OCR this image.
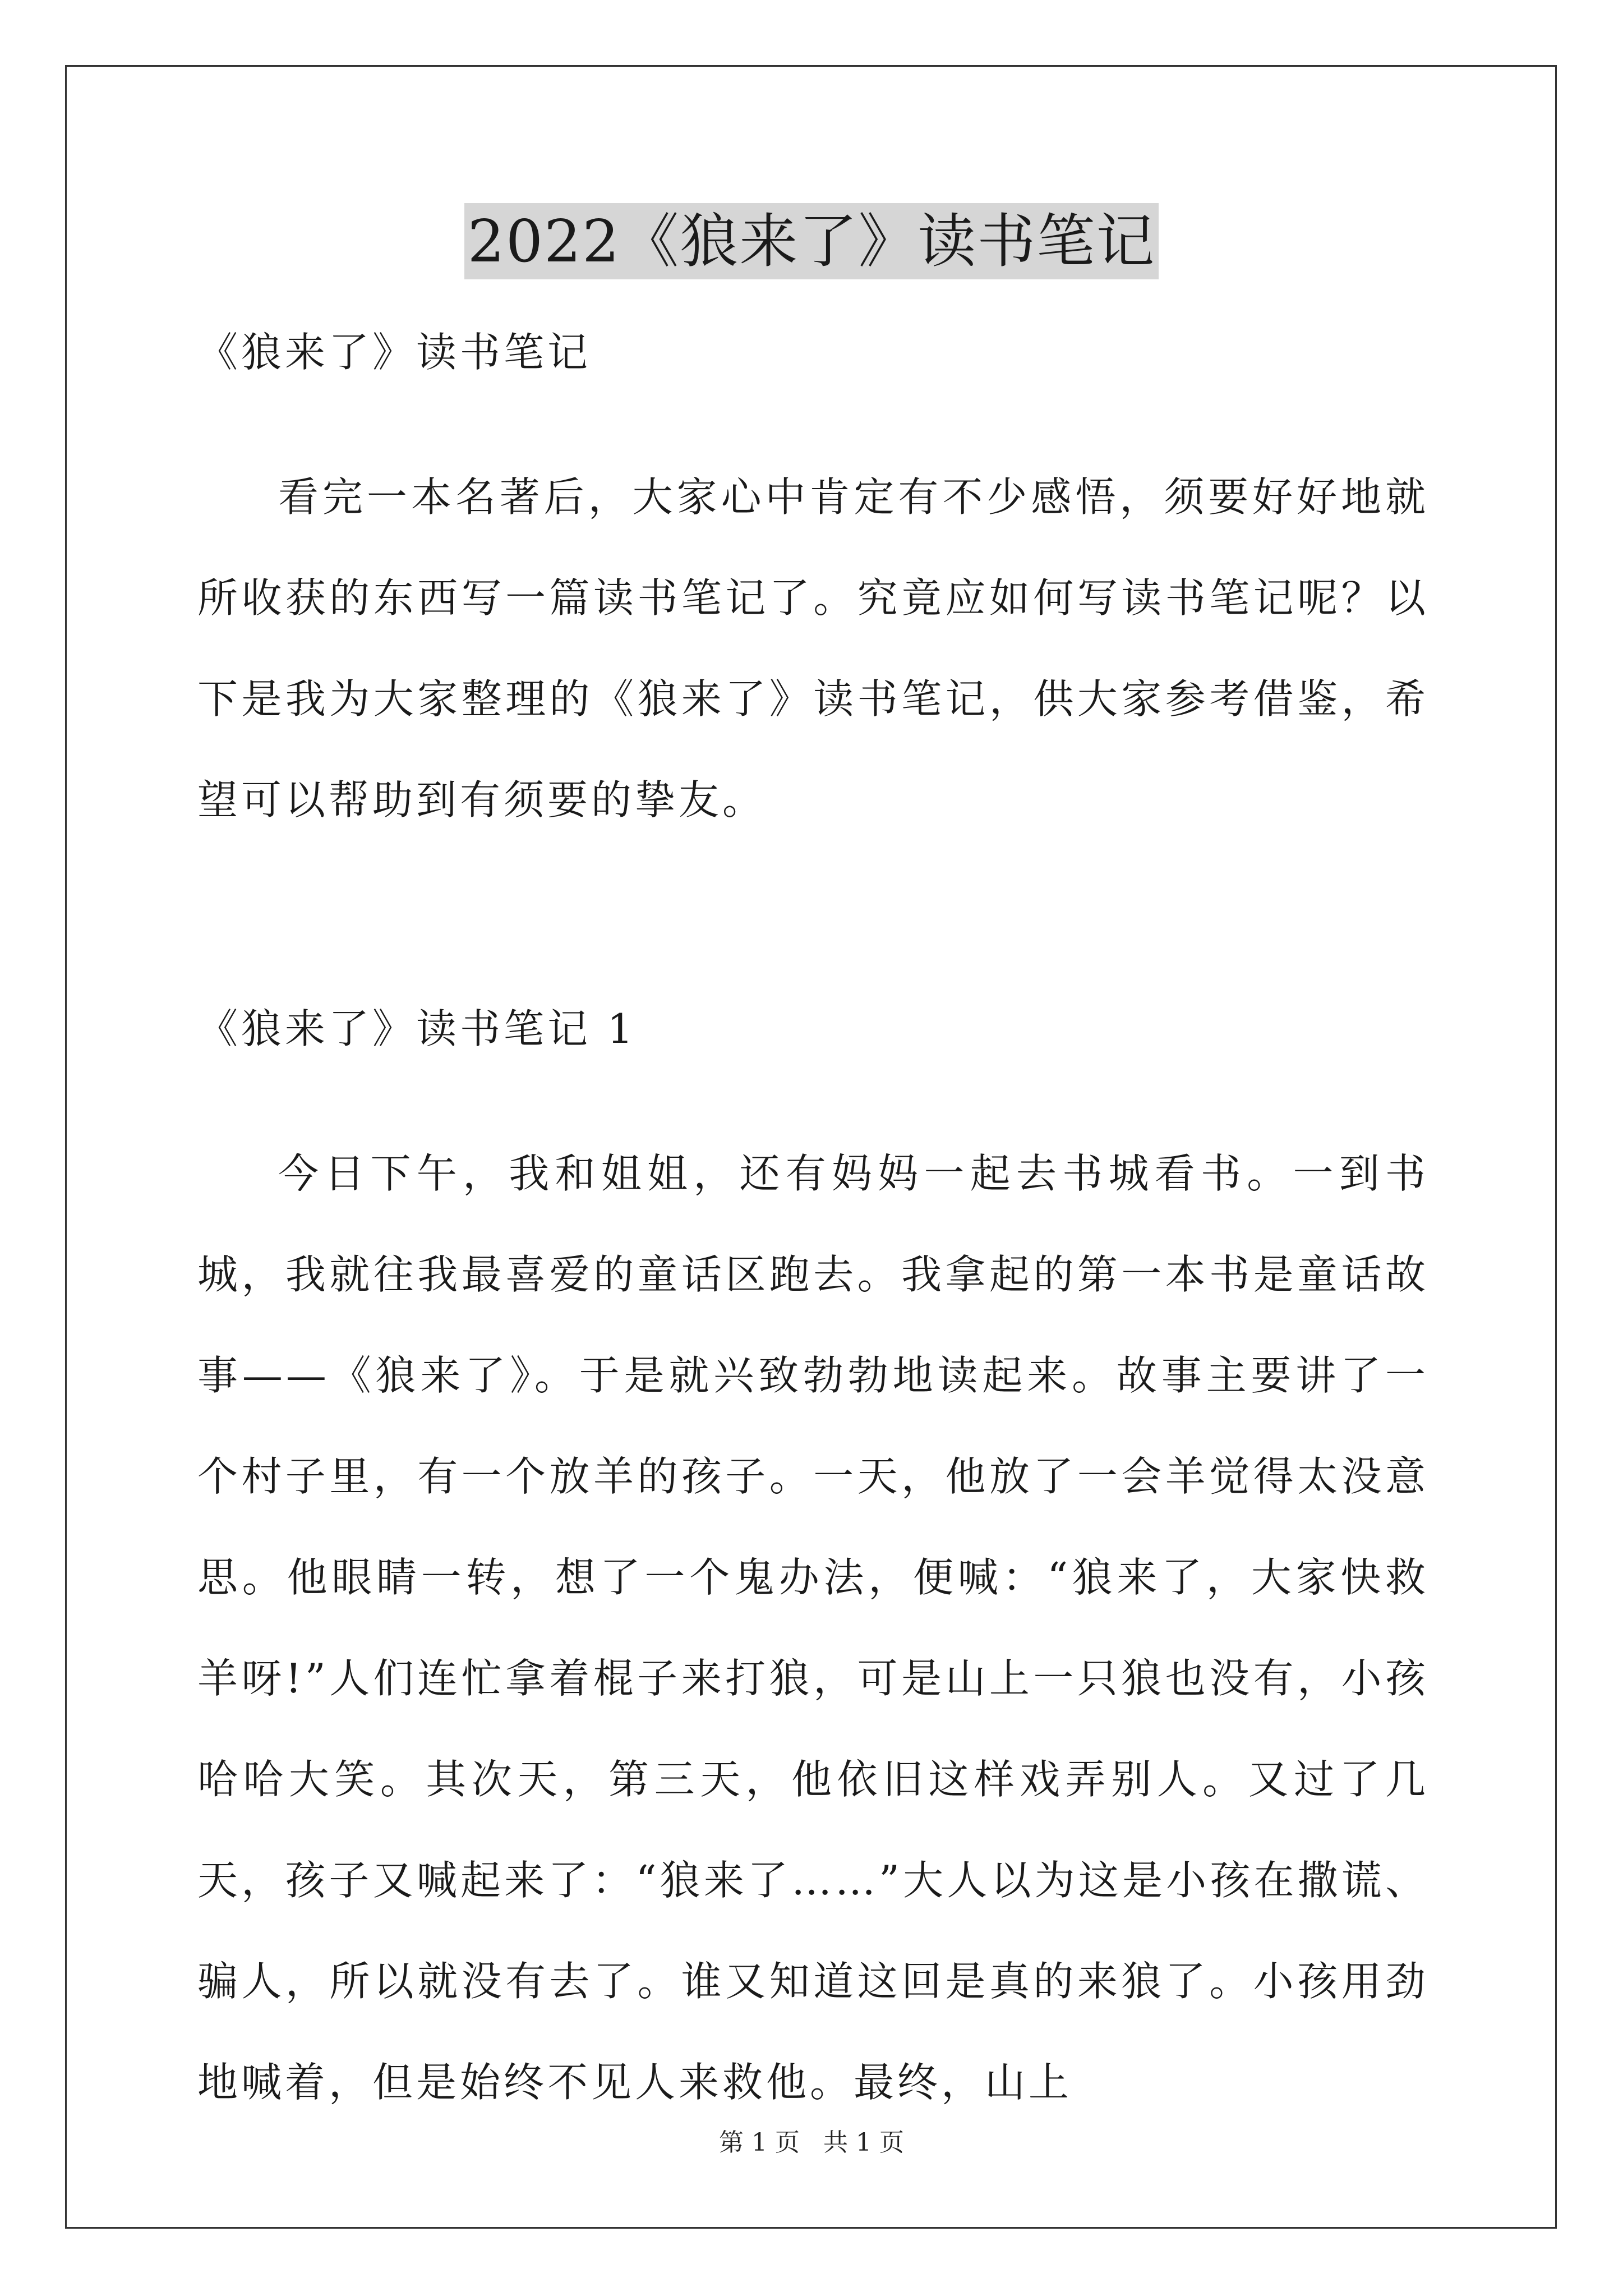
2022《狼来了》读书笔记

《狼来了》读书笔记

看完一本名著后，大家心中肯定有不少感悟，须要好好地就所收获的东西写一篇读书笔记了。究竟应如何写读书笔记呢？以下是我为大家整理的《狼来了》读书笔记，供大家参考借鉴，希望可以帮助到有须要的挚友。

《狼来了》读书笔记 1

今日下午，我和姐姐，还有妈妈一起去书城看书。一到书城，我就往我最喜爱的童话区跑去。我拿起的第一本书是童话故事——《狼来了》。于是就兴致勃勃地读起来。故事主要讲了一个村子里，有一个放羊的孩子。一天，他放了一会羊觉得太没意思。他眼睛一转，想了一个鬼办法，便喊：“狼来了，大家快救羊呀!”人们连忙拿着棍子来打狼，可是山上一只狼也没有，小孩哈哈大笑。其次天，第三天，他依旧这样戏弄别人。又过了几天，孩子又喊起来了：“狼来了……”大人以为这是小孩在撒谎、骗人，所以就没有去了。谁又知道这回是真的来狼了。小孩用劲地喊着，但是始终不见人来救他。最终，山上

第 1 页 共 1 页
